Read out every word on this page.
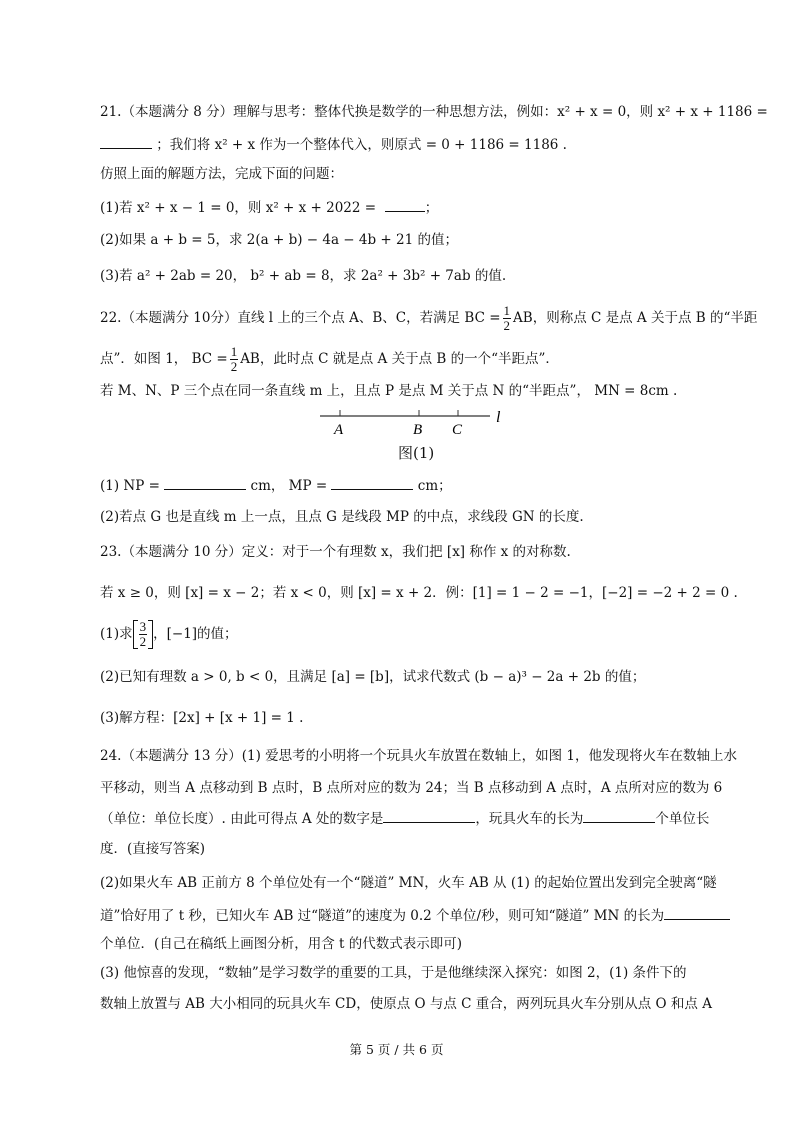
21.（本题满分 8 分）理解与思考：整体代换是数学的一种思想方法，例如：x² + x = 0，则 x² + x + 1186 =
；我们将 x² + x 作为一个整体代入，则原式 = 0 + 1186 = 1186 .
仿照上面的解题方法，完成下面的问题：
(1)若 x² + x − 1 = 0，则 x² + x + 2022 =	；
(2)如果 a + b = 5，求 2(a + b) − 4a − 4b + 21 的值；
(3)若 a² + 2ab = 20， b² + ab = 8，求 2a² + 3b² + 7ab 的值.
22.（本题满分 10分）直线 l 上的三个点 A、B、C，若满足 BC = $\frac{1}{2}$ AB，则称点 C 是点 A 关于点 B 的“半距
点”．如图 1， BC = $\frac{1}{2}$ AB，此时点 C 就是点 A 关于点 B 的一个“半距点”．
若 M、N、P 三个点在同一条直线 m 上，且点 P 是点 M 关于点 N 的“半距点”， MN = 8cm .
A	B C
l
图(1)
(1) NP =	cm， MP =	cm；
(2)若点 G 也是直线 m 上一点，且点 G 是线段 MP 的中点，求线段 GN 的长度.
23.（本题满分 10 分）定义：对于一个有理数 x，我们把 [x] 称作 x 的对称数.
若 x ≥ 0，则 [x] = x − 2；若 x < 0，则 [x] = x + 2．例：[1] = 1 − 2 = −1，[−2] = −2 + 2 = 0 .
(1)求 $\frac{3}{2}$ ，[−1]的值；
(2)已知有理数 a > 0, b < 0，且满足 [a] = [b]，试求代数式 (b − a)³ − 2a + 2b 的值；
(3)解方程：[2x] + [x + 1] = 1 .
24.（本题满分 13 分）(1) 爱思考的小明将一个玩具火车放置在数轴上，如图 1，他发现将火车在数轴上水
平移动，则当 A 点移动到 B 点时，B 点所对应的数为 24；当 B 点移动到 A 点时，A 点所对应的数为 6
（单位：单位长度）. 由此可得点 A 处的数字是	，玩具火车的长为	个单位长
度．(直接写答案)
(2)如果火车 AB 正前方 8 个单位处有一个“隧道” MN，火车 AB 从 (1) 的起始位置出发到完全驶离“隧
道”恰好用了 t 秒，已知火车 AB 过“隧道”的速度为 0.2 个单位/秒，则可知“隧道” MN 的长为
个单位．(自己在稿纸上画图分析，用含 t 的代数式表示即可)
(3) 他惊喜的发现，“数轴”是学习数学的重要的工具，于是他继续深入探究：如图 2，(1) 条件下的
数轴上放置与 AB 大小相同的玩具火车 CD，使原点 O 与点 C 重合，两列玩具火车分别从点 O 和点 A
第 5 页 / 共 6 页
